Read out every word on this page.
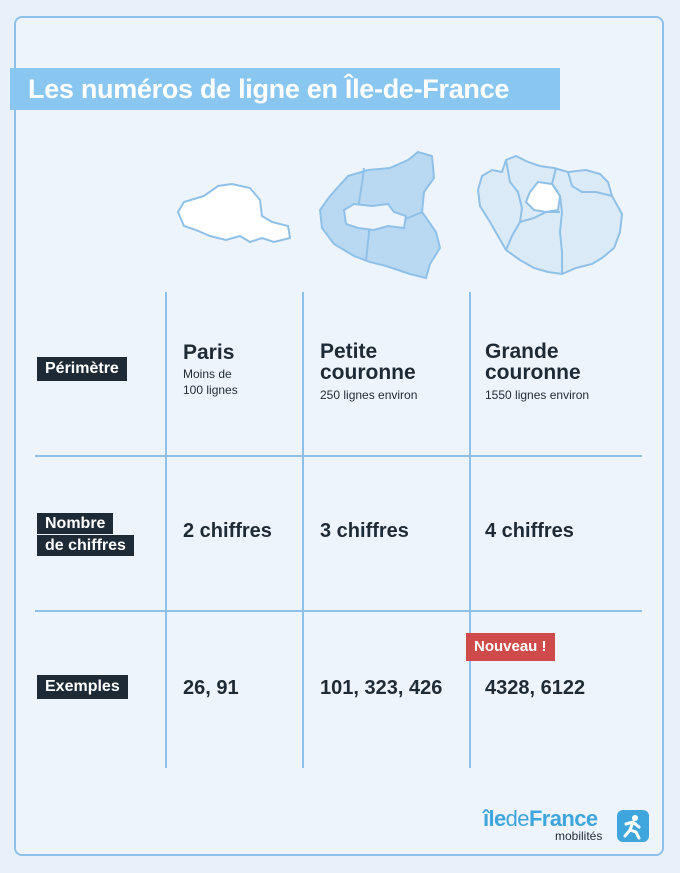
Les numéros de ligne en Île-de-France
Périmètre
Nombre
de chiffres
Exemples
Paris
Moins de
100 lignes
2 chiffres
26, 91
Petite
couronne
250 lignes environ
3 chiffres
101, 323, 426
Grande
couronne
1550 lignes environ
4 chiffres
Nouveau !
4328, 6122
îledeFrance
mobilités
